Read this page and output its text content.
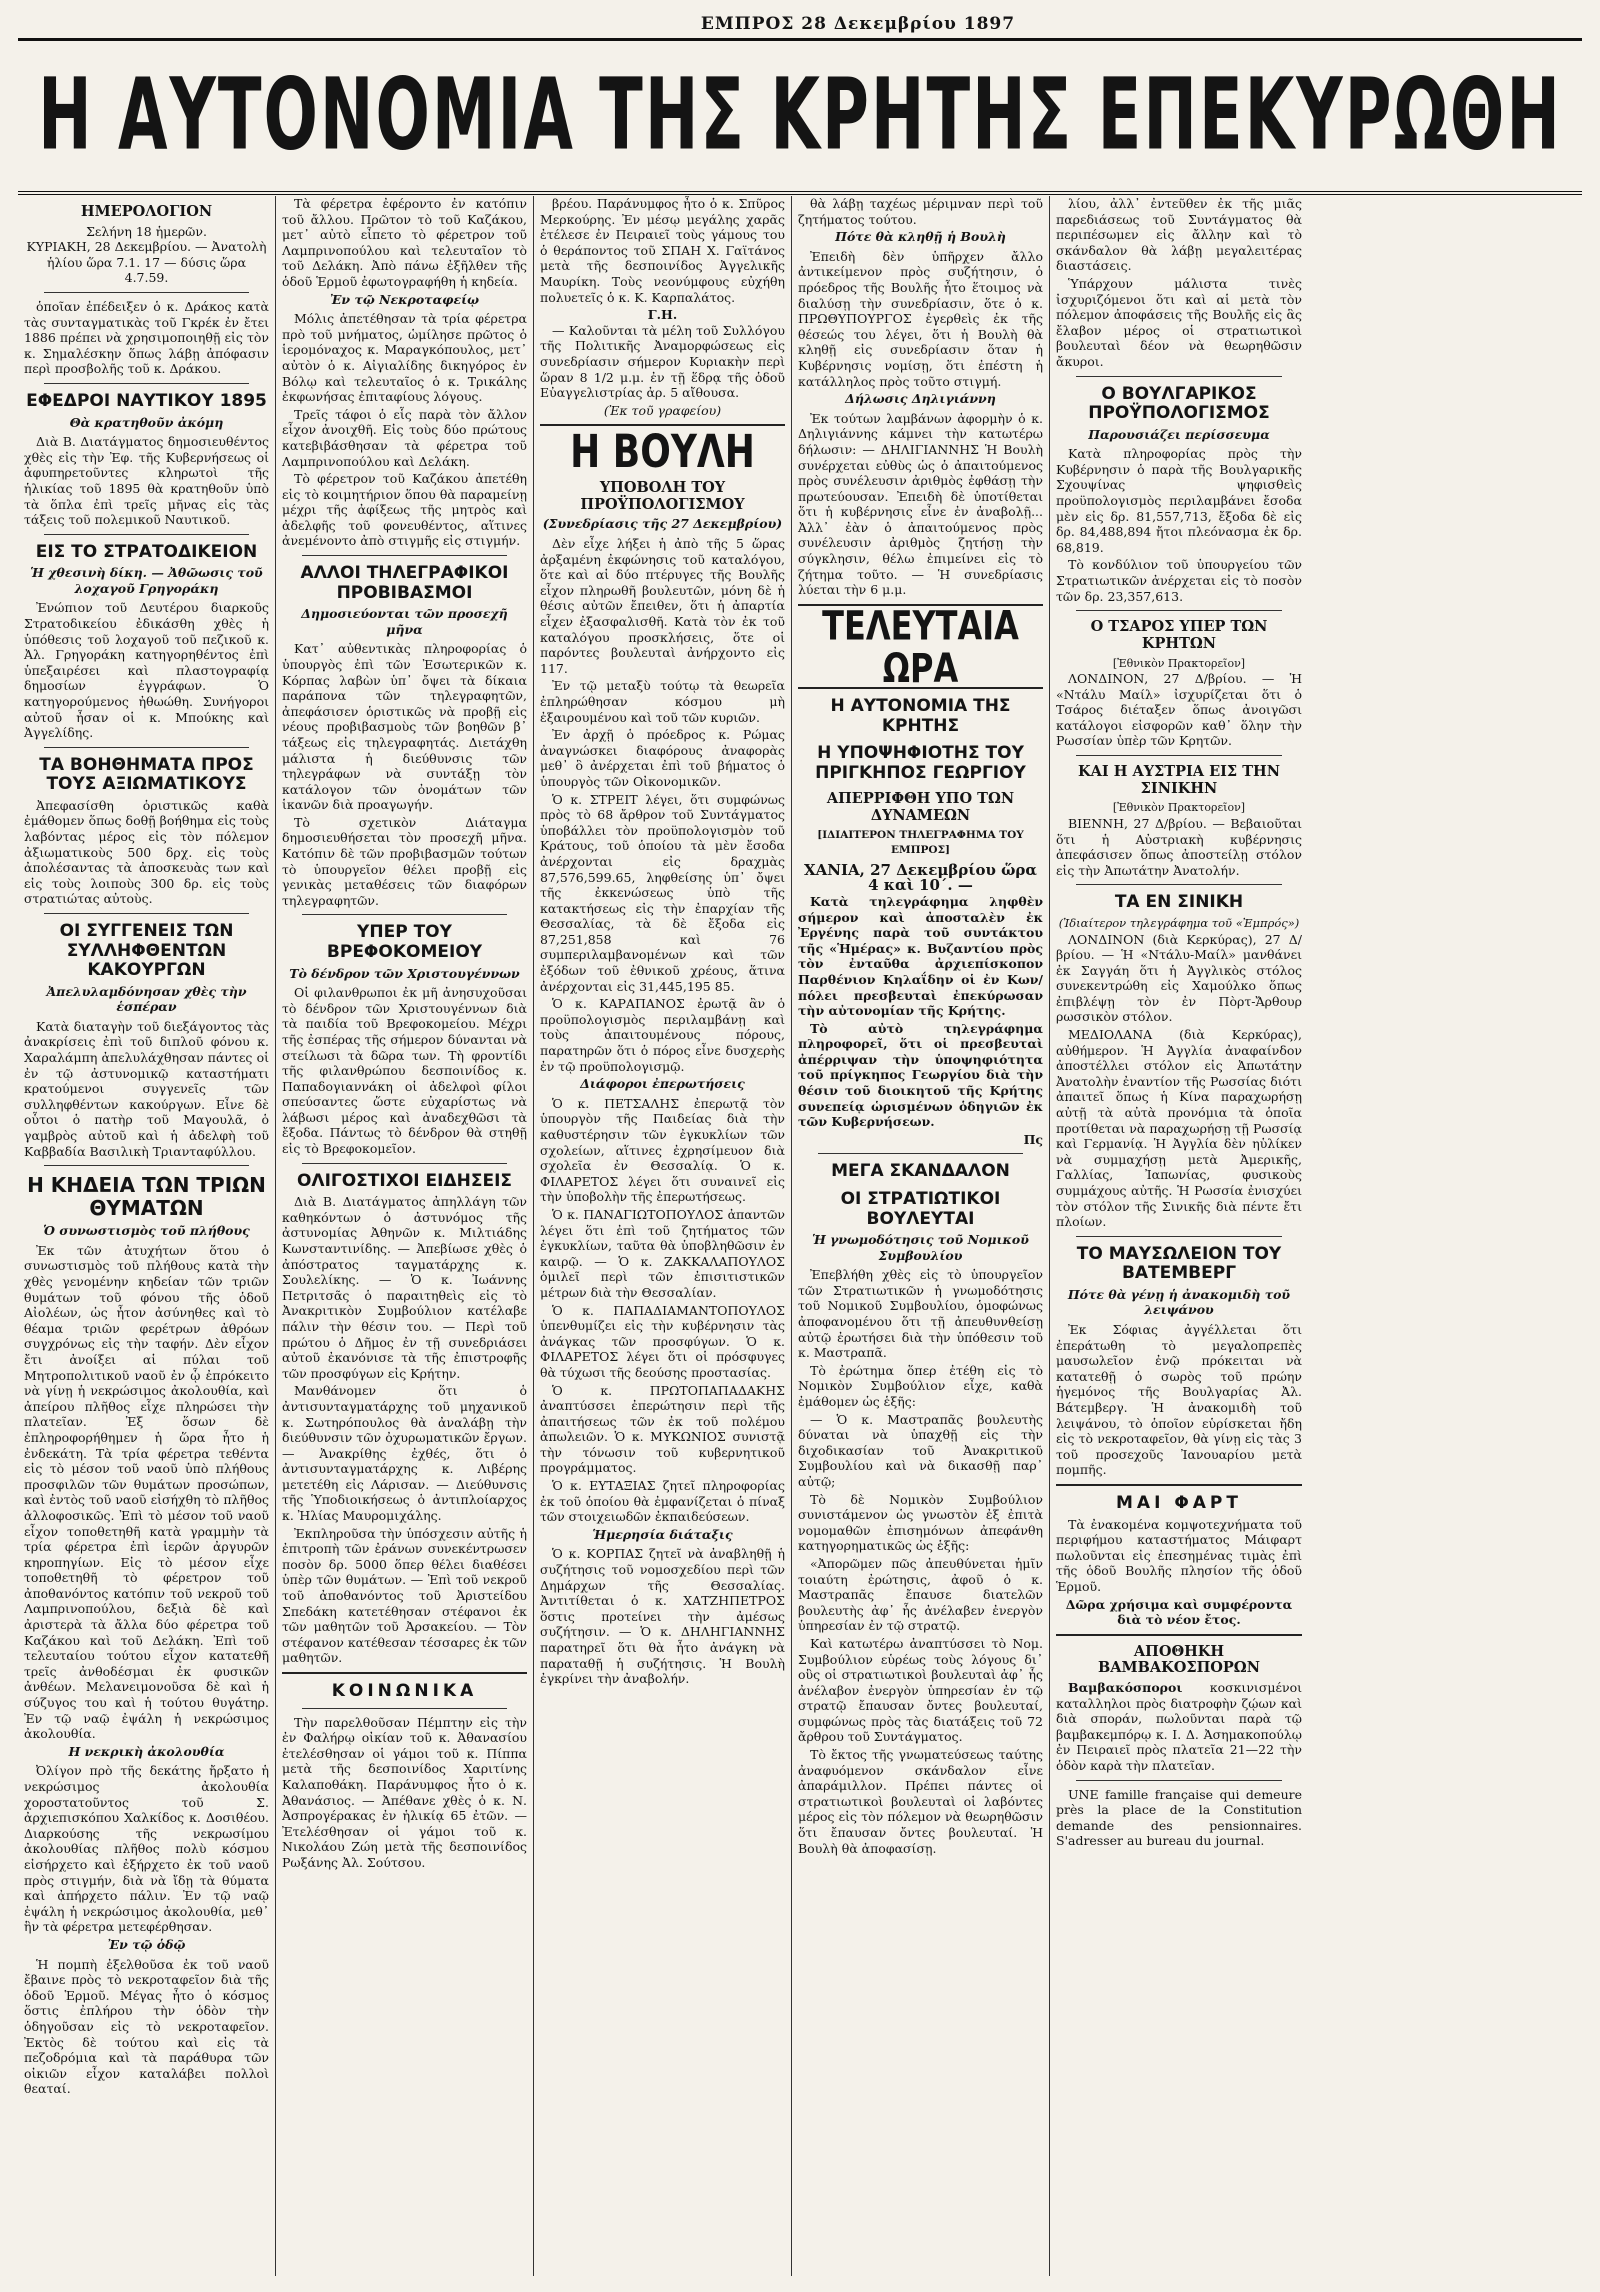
ΕΜΠΡΟΣ 28 Δεκεμβρίου 1897
Η ΑΥΤΟΝΟΜΙΑ ΤΗΣ ΚΡΗΤΗΣ ΕΠΕΚΥΡΩΘΗ
ΗΜΕΡΟΛΟΓΙΟΝ
Σελήνη 18 ἡμερῶν.
ΚΥΡΙΑΚΗ, 28 Δεκεμβρίου. — Ἀνατολὴ ἡλίου ὥρα 7.1. 17 — δύσις ὥρα 4.7.59.

ὁποῖαν ἐπέδειξεν ὁ κ. Δράκος κατὰ τὰς συνταγματικὰς τοῦ Γκρέκ ἐν ἔτει 1886 πρέπει νὰ χρησιμοποιηθῇ εἰς τὸν κ. Σημαλέσκην ὅπως λάβῃ ἀπόφασιν περὶ προσβολῆς τοῦ κ. Δράκου.

ΕΦΕΔΡΟΙ ΝΑΥΤΙΚΟΥ 1895
Θὰ κρατηθοῦν ἀκόμη

Διὰ Β. Διατάγματος δημοσιευθέντος χθὲς εἰς τὴν Ἐφ. τῆς Κυβερνήσεως οἱ ἀφυπηρετοῦντες κληρωτοὶ τῆς ἡλικίας τοῦ 1895 θὰ κρατηθοῦν ὑπὸ τὰ ὅπλα ἐπὶ τρεῖς μῆνας εἰς τὰς τάξεις τοῦ πολεμικοῦ Ναυτικοῦ.

ΕΙΣ ΤΟ ΣΤΡΑΤΟΔΙΚΕΙΟΝ
Ἡ χθεσινὴ δίκη. — Ἀθῶωσις τοῦ λοχαγοῦ Γρηγοράκη

Ἐνώπιον τοῦ Δευτέρου διαρκοῦς Στρατοδικείου ἐδικάσθη χθὲς ἡ ὑπόθεσις τοῦ λοχαγοῦ τοῦ πεζικοῦ κ. Ἀλ. Γρηγοράκη κατηγορηθέντος ἐπὶ ὑπεξαιρέσει καὶ πλαστογραφίᾳ δημοσίων ἐγγράφων. Ὁ κατηγορούμενος ἠθωώθη. Συνήγοροι αὐτοῦ ἦσαν οἱ κ. Μπούκης καὶ Ἀγγελίδης.

ΤΑ ΒΟΗΘΗΜΑΤΑ ΠΡΟΣ ΤΟΥΣ ΑΞΙΩΜΑΤΙΚΟΥΣ

Ἀπεφασίσθη ὁριστικῶς καθὰ ἐμάθομεν ὅπως δοθῇ βοήθημα εἰς τοὺς λαβόντας μέρος εἰς τὸν πόλεμον ἀξιωματικοὺς 500 δρχ. εἰς τοὺς ἀπολέσαντας τὰ ἀποσκευὰς των καὶ εἰς τοὺς λοιποὺς 300 δρ. εἰς τοὺς στρατιώτας αὐτοὺς.

ΟΙ ΣΥΓΓΕΝΕΙΣ ΤΩΝ ΣΥΛΛΗΦΘΕΝΤΩΝ ΚΑΚΟΥΡΓΩΝ
Ἀπελυλαμδόνησαν χθὲς τὴν ἑσπέραν

Κατὰ διαταγὴν τοῦ διεξάγοντος τὰς ἀνακρίσεις ἐπὶ τοῦ διπλοῦ φόνου κ. Χαραλάμπη ἀπελυλάχθησαν πάντες οἱ ἐν τῷ ἀστυνομικῷ καταστήματι κρατούμενοι συγγενεῖς τῶν συλληφθέντων κακούργων. Εἶνε δὲ οὗτοι ὁ πατὴρ τοῦ Μαγουλᾶ, ὁ γαμβρὸς αὐτοῦ καὶ ἡ ἀδελφὴ τοῦ Καββαδία Βασιλικὴ Τριανταφύλλου.

Η ΚΗΔΕΙΑ ΤΩΝ ΤΡΙΩΝ ΘΥΜΑΤΩΝ
Ὁ συνωστισμὸς τοῦ πλήθους

Ἐκ τῶν ἀτυχήτων ὅτου ὁ συνωστισμὸς τοῦ πλήθους κατὰ τὴν χθὲς γενομένην κηδείαν τῶν τριῶν θυμάτων τοῦ φόνου τῆς ὁδοῦ Αἰολέων, ὡς ἦτον ἀσύνηθες καὶ τὸ θέαμα τριῶν φερέτρων ἀθρόων συγχρόνως εἰς τὴν ταφήν. Δὲν εἶχον ἔτι ἀνοίξει αἱ πύλαι τοῦ Μητροπολιτικοῦ ναοῦ ἐν ᾧ ἐπρόκειτο νὰ γίνῃ ἡ νεκρώσιμος ἀκολουθία, καὶ ἀπείρου πλῆθος εἶχε πληρώσει τὴν πλατεῖαν. Ἐξ ὅσων δὲ ἐπληροφορήθημεν ἡ ὥρα ἦτο ἡ ἐνδεκάτη. Τὰ τρία φέρετρα τεθέντα εἰς τὸ μέσον τοῦ ναοῦ ὑπὸ πλήθους προσφιλῶν τῶν θυμάτων προσώπων, καὶ ἐντὸς τοῦ ναοῦ εἰσήχθη τὸ πλῆθος ἀλλοφοσικῶς. Ἐπὶ τὸ μέσον τοῦ ναοῦ εἶχον τοποθετηθῆ κατὰ γραμμὴν τὰ τρία φέρετρα ἐπὶ ἱερῶν ἀργυρῶν κηροπηγίων. Εἰς τὸ μέσον εἶχε τοποθετηθῆ τὸ φέρετρον τοῦ ἀποθανόντος κατόπιν τοῦ νεκροῦ τοῦ Λαμπρινοπούλου, δεξιὰ δὲ καὶ ἀριστερὰ τὰ ἄλλα δύο φέρετρα τοῦ Καζάκου καὶ τοῦ Δελάκη. Ἐπὶ τοῦ τελευταίου τούτου εἶχον κατατεθῆ τρεῖς ἀνθοδέσμαι ἐκ φυσικῶν ἀνθέων. Μελανειμονοῦσα δὲ καὶ ἡ σύζυγος του καὶ ἡ τούτου θυγάτηρ. Ἐν τῷ ναῷ ἐψάλη ἡ νεκρώσιμος ἀκολουθία.

Η νεκρικὴ ἀκολουθία

Ὀλίγον πρὸ τῆς δεκάτης ἤρξατο ἡ νεκρώσιμος ἀκολουθία χοροστατοῦντος τοῦ Σ. ἀρχιεπισκόπου Χαλκίδος κ. Δοσιθέου. Διαρκούσης τῆς νεκρωσίμου ἀκολουθίας πλῆθος πολὺ κόσμου εἰσήρχετο καὶ ἐξήρχετο ἐκ τοῦ ναοῦ πρὸς στιγμήν, διὰ νὰ ἴδῃ τὰ θύματα καὶ ἀπήρχετο πάλιν. Ἐν τῷ ναῷ ἐψάλη ἡ νεκρώσιμος ἀκολουθία, μεθ᾽ ἣν τὰ φέρετρα μετεφέρθησαν.

Ἐν τῷ ὁδῷ

Ἡ πομπὴ ἐξελθοῦσα ἐκ τοῦ ναοῦ ἔβαινε πρὸς τὸ νεκροταφεῖον διὰ τῆς ὁδοῦ Ἑρμοῦ. Μέγας ἦτο ὁ κόσμος ὅστις ἐπλήρου τὴν ὁδὸν τὴν ὁδηγοῦσαν εἰς τὸ νεκροταφεῖον. Ἐκτὸς δὲ τούτου καὶ εἰς τὰ πεζοδρόμια καὶ τὰ παράθυρα τῶν οἰκιῶν εἶχον καταλάβει πολλοὶ θεαταί.

Τὰ φέρετρα ἐφέροντο ἐν κατόπιν τοῦ ἄλλου. Πρῶτον τὸ τοῦ Καζάκου, μετ᾽ αὐτὸ εἶπετο τὸ φέρετρον τοῦ Λαμπρινοπούλου καὶ τελευταῖον τὸ τοῦ Δελάκη. Ἀπὸ πάνω ἐξῆλθεν τῆς ὁδοῦ Ἑρμοῦ ἐφωτογραφήθη ἡ κηδεία.

Ἐν τῷ Νεκροταφείῳ

Μόλις ἀπετέθησαν τὰ τρία φέρετρα πρὸ τοῦ μνήματος, ὡμίλησε πρῶτος ὁ ἱερομόναχος κ. Μαραγκόπουλος, μετ᾽ αὐτὸν ὁ κ. Αἰγιαλίδης δικηγόρος ἐν Βόλῳ καὶ τελευταῖος ὁ κ. Τρικάλης ἐκφωνήσας ἐπιταφίους λόγους.

Τρεῖς τάφοι ὁ εἷς παρὰ τὸν ἄλλον εἶχον ἀνοιχθῆ. Εἰς τοὺς δύο πρώτους κατεβιβάσθησαν τὰ φέρετρα τοῦ Λαμπρινοπούλου καὶ Δελάκη.

Τὸ φέρετρον τοῦ Καζάκου ἀπετέθη εἰς τὸ κοιμητήριον ὅπου θὰ παραμείνῃ μέχρι τῆς ἀφίξεως τῆς μητρὸς καὶ ἀδελφῆς τοῦ φονευθέντος, αἵτινες ἀνεμένοντο ἀπὸ στιγμῆς εἰς στιγμήν.

ΑΛΛΟΙ ΤΗΛΕΓΡΑΦΙΚΟΙ ΠΡΟΒΙΒΑΣΜΟΙ
Δημοσιεύονται τῶν προσεχῆ μῆνα

Κατ᾽ αὐθεντικὰς πληροφορίας ὁ ὑπουργὸς ἐπὶ τῶν Ἐσωτερικῶν κ. Κόρπας λαβὼν ὑπ᾽ ὄψει τὰ δίκαια παράπονα τῶν τηλεγραφητῶν, ἀπεφάσισεν ὁριστικῶς νὰ προβῇ εἰς νέους προβιβασμοὺς τῶν βοηθῶν β᾽ τάξεως εἰς τηλεγραφητάς. Διετάχθη μάλιστα ἡ διεύθυνσις τῶν τηλεγράφων νὰ συντάξῃ τὸν κατάλογον τῶν ὀνομάτων τῶν ἱκανῶν διὰ προαγωγήν.

Τὸ σχετικὸν Διάταγμα δημοσιευθήσεται τὸν προσεχῆ μῆνα. Κατόπιν δὲ τῶν προβιβασμῶν τούτων τὸ ὑπουργεῖον θέλει προβῇ εἰς γενικὰς μεταθέσεις τῶν διαφόρων τηλεγραφητῶν.

ΥΠΕΡ ΤΟΥ ΒΡΕΦΟΚΟΜΕΙΟΥ
Τὸ δένδρον τῶν Χριστουγέννων

Οἱ φιλανθρωποι ἐκ μῆ ἀνησυχοῦσαι τὸ δένδρον τῶν Χριστουγέννων διὰ τὰ παιδία τοῦ Βρεφοκομείου. Μέχρι τῆς ἐσπέρας τῆς σήμερον δύνανται νὰ στείλωσι τὰ δῶρα των. Τὴ φροντίδι τῆς φιλανθρώπου δεσποινίδος κ. Παπαδογιαννάκη οἱ ἀδελφοὶ φίλοι σπεύσαντες ὥστε εὐχαρίστως νὰ λάβωσι μέρος καὶ ἀναδεχθῶσι τὰ ἔξοδα. Πάντως τὸ δένδρον θὰ στηθῇ εἰς τὸ Βρεφοκομεῖον.

ΟΛΙΓΟΣΤΙΧΟΙ ΕΙΔΗΣΕΙΣ

Διὰ Β. Διατάγματος ἀπηλλάγη τῶν καθηκόντων ὁ ἀστυνόμος τῆς ἀστυνομίας Ἀθηνῶν κ. Μιλτιάδης Κωνσταντινίδης. — Ἀπεβίωσε χθὲς ὁ ἀπόστρατος ταγματάρχης κ. Σουλελίκης. — Ὁ κ. Ἰωάννης Πετριτσᾶς ὁ παραιτηθεὶς εἰς τὸ Ἀνακριτικὸν Συμβούλιον κατέλαβε πάλιν τὴν θέσιν του. — Περὶ τοῦ πρώτου ὁ Δῆμος ἐν τῇ συνεδριάσει αὐτοῦ ἐκανόνισε τὰ τῆς ἐπιστροφῆς τῶν προσφύγων εἰς Κρήτην.

Μανθάνομεν ὅτι ὁ ἀντισυνταγματάρχης τοῦ μηχανικοῦ κ. Σωτηρόπουλος θὰ ἀναλάβῃ τὴν διεύθυνσιν τῶν ὀχυρωματικῶν ἔργων. — Ἀνακρίθης ἐχθές, ὅτι ὁ ἀντισυνταγματάρχης κ. Λιβέρης μετετέθη εἰς Λάρισαν. — Διεύθυνσις τῆς Ὑποδιοικήσεως ὁ ἀντιπλοίαρχος κ. Ἠλίας Μαυρομιχάλης.

Ἐκπληροῦσα τὴν ὑπόσχεσιν αὐτῆς ἡ ἐπιτροπὴ τῶν ἐράνων συνεκέντρωσεν ποσὸν δρ. 5000 ὅπερ θέλει διαθέσει ὑπὲρ τῶν θυμάτων. — Ἐπὶ τοῦ νεκροῦ τοῦ ἀποθανόντος τοῦ Ἀριστείδου Σπεδάκη κατετέθησαν στέφανοι ἐκ τῶν μαθητῶν τοῦ Ἀρσακείου. — Τὸν στέφανον κατέθεσαν τέσσαρες ἐκ τῶν μαθητῶν.

ΚΟΙΝΩΝΙΚΑ

Τὴν παρελθοῦσαν Πέμπτην εἰς τὴν ἐν Φαλήρῳ οἰκίαν τοῦ κ. Ἀθανασίου ἐτελέσθησαν οἱ γάμοι τοῦ κ. Πίππα μετὰ τῆς δεσποινίδος Χαριτίνης Καλαποθάκη. Παράνυμφος ἦτο ὁ κ. Ἀθανάσιος. — Ἀπέθανε χθὲς ὁ κ. Ν. Ἀσπρογέρακας ἐν ἡλικίᾳ 65 ἐτῶν. — Ἐτελέσθησαν οἱ γάμοι τοῦ κ. Νικολάου Ζώη μετὰ τῆς δεσποινίδος Ρωξάνης Ἀλ. Σούτσου.

βρέου. Παράνυμφος ἦτο ὁ κ. Σπῦρος Μερκούρης. Ἐν μέσῳ μεγάλης χαρᾶς ἐτέλεσε ἐν Πειραιεῖ τοὺς γάμους του ὁ θεράποντος τοῦ ΣΠΑΗ Χ. Γαϊτάνος μετὰ τῆς δεσποινίδος Ἀγγελικῆς Μαυρίκη. Τοὺς νεονύμφους εὐχήθη πολυετεῖς ὁ κ. Κ. Καρπαλάτος.

Γ.Η.

— Καλοῦνται τὰ μέλη τοῦ Συλλόγου τῆς Πολιτικῆς Ἀναμορφώσεως εἰς συνεδρίασιν σήμερον Κυριακὴν περὶ ὥραν 8 1/2 μ.μ. ἐν τῇ ἕδρᾳ τῆς ὁδοῦ Εὐαγγελιστρίας ἀρ. 5 αἴθουσα.

(Ἐκ τοῦ γραφείου)
Η ΒΟΥΛΗ
ΥΠΟΒΟΛΗ ΤΟΥ ΠΡΟΫΠΟΛΟΓΙΣΜΟΥ
(Συνεδρίασις τῆς 27 Δεκεμβρίου)

Δὲν εἶχε λήξει ἡ ἀπὸ τῆς 5 ὥρας ἀρξαμένη ἐκφώνησις τοῦ καταλόγου, ὅτε καὶ αἱ δύο πτέρυγες τῆς Βουλῆς εἶχον πληρωθῆ βουλευτῶν, μόνη δὲ ἡ θέσις αὐτῶν ἔπειθεν, ὅτι ἡ ἀπαρτία εἶχεν ἐξασφαλισθῆ. Κατὰ τὸν ἐκ τοῦ καταλόγου προσκλήσεις, ὅτε οἱ παρόντες βουλευταὶ ἀνήρχοντο εἰς 117.

Ἐν τῷ μεταξὺ τούτῳ τὰ θεωρεῖα ἐπληρώθησαν κόσμου μὴ ἐξαιρουμένου καὶ τοῦ τῶν κυριῶν.

Ἐν ἀρχῇ ὁ πρόεδρος κ. Ρώμας ἀναγνώσκει διαφόρους ἀναφορὰς μεθ᾽ ὃ ἀνέρχεται ἐπὶ τοῦ βήματος ὁ ὑπουργὸς τῶν Οἰκονομικῶν.

Ὁ κ. ΣΤΡΕΙΤ λέγει, ὅτι συμφώνως πρὸς τὸ 68 ἄρθρον τοῦ Συντάγματος ὑποβάλλει τὸν προϋπολογισμὸν τοῦ Κράτους, τοῦ ὁποίου τὰ μὲν ἔσοδα ἀνέρχονται εἰς δραχμὰς 87,576,599.65, ληφθείσης ὑπ᾽ ὄψει τῆς ἐκκενώσεως ὑπὸ τῆς κατακτήσεως εἰς τὴν ἐπαρχίαν τῆς Θεσσαλίας, τὰ δὲ ἔξοδα εἰς 87,251,858 καὶ 76 συμπεριλαμβανομένων καὶ τῶν ἐξόδων τοῦ ἐθνικοῦ χρέους, ἅτινα ἀνέρχονται εἰς 31,445,195 85.

Ὁ κ. ΚΑΡΑΠΑΝΟΣ ἐρωτᾷ ἂν ὁ προϋπολογισμὸς περιλαμβάνῃ καὶ τοὺς ἀπαιτουμένους πόρους, παρατηρῶν ὅτι ὁ πόρος εἶνε δυσχερὴς ἐν τῷ προϋπολογισμῷ.

Διάφοροι ἐπερωτήσεις

Ὁ κ. ΠΕΤΣΑΛΗΣ ἐπερωτᾷ τὸν ὑπουργὸν τῆς Παιδείας διὰ τὴν καθυστέρησιν τῶν ἐγκυκλίων τῶν σχολείων, αἵτινες ἐχρησίμευον διὰ σχολεῖα ἐν Θεσσαλίᾳ. Ὁ κ. ΦΙΛΑΡΕΤΟΣ λέγει ὅτι συναινεῖ εἰς τὴν ὑποβολὴν τῆς ἐπερωτήσεως.

Ὁ κ. ΠΑΝΑΓΙΩΤΟΠΟΥΛΟΣ ἀπαντῶν λέγει ὅτι ἐπὶ τοῦ ζητήματος τῶν ἐγκυκλίων, ταῦτα θὰ ὑποβληθῶσιν ἐν καιρῷ. — Ὁ κ. ΖΑΚΚΑΛΑΠΟΥΛΟΣ ὁμιλεῖ περὶ τῶν ἐπισιτιστικῶν μέτρων διὰ τὴν Θεσσαλίαν.

Ὁ κ. ΠΑΠΑΔΙΑΜΑΝΤΟΠΟΥΛΟΣ ὑπενθυμίζει εἰς τὴν κυβέρνησιν τὰς ἀνάγκας τῶν προσφύγων. Ὁ κ. ΦΙΛΑΡΕΤΟΣ λέγει ὅτι οἱ πρόσφυγες θὰ τύχωσι τῆς δεούσης προστασίας.

Ὁ κ. ΠΡΩΤΟΠΑΠΑΔΑΚΗΣ ἀναπτύσσει ἐπερώτησιν περὶ τῆς ἀπαιτήσεως τῶν ἐκ τοῦ πολέμου ἀπωλειῶν. Ὁ κ. ΜΥΚΩΝΙΟΣ συνιστᾷ τὴν τόνωσιν τοῦ κυβερνητικοῦ προγράμματος.

Ὁ κ. ΕΥΤΑΞΙΑΣ ζητεῖ πληροφορίας ἐκ τοῦ ὁποίου θὰ ἐμφανίζεται ὁ πίναξ τῶν στοιχειωδῶν ἐκπαιδεύσεων.

Ἡμερησία διάταξις

Ὁ κ. ΚΟΡΠΑΣ ζητεῖ νὰ ἀναβληθῇ ἡ συζήτησις τοῦ νομοσχεδίου περὶ τῶν Δημάρχων τῆς Θεσσαλίας. Ἀντιτίθεται ὁ κ. ΧΑΤΖΗΠΕΤΡΟΣ ὅστις προτείνει τὴν ἀμέσως συζήτησιν. — Ὁ κ. ΔΗΛΗΓΙΑΝΝΗΣ παρατηρεῖ ὅτι θὰ ἦτο ἀνάγκη νὰ παραταθῇ ἡ συζήτησις. Ἡ Βουλὴ ἐγκρίνει τὴν ἀναβολήν.

θὰ λάβῃ ταχέως μέριμναν περὶ τοῦ ζητήματος τούτου.

Πότε θὰ κληθῇ ἡ Βουλὴ

Ἐπειδὴ δὲν ὑπῆρχεν ἄλλο ἀντικείμενον πρὸς συζήτησιν, ὁ πρόεδρος τῆς Βουλῆς ἦτο ἕτοιμος νὰ διαλύσῃ τὴν συνεδρίασιν, ὅτε ὁ κ. ΠΡΩΘΥΠΟΥΡΓΟΣ ἐγερθεὶς ἐκ τῆς θέσεώς του λέγει, ὅτι ἡ Βουλὴ θὰ κληθῇ εἰς συνεδρίασιν ὅταν ἡ Κυβέρνησις νομίσῃ, ὅτι ἐπέστη ἡ κατάλληλος πρὸς τοῦτο στιγμή.

Δήλωσις Δηλιγιάννη

Ἐκ τούτων λαμβάνων ἀφορμὴν ὁ κ. Δηλιγιάννης κάμνει τὴν κατωτέρω δήλωσιν: — ΔΗΛΙΓΙΑΝΝΗΣ Ἡ Βουλὴ συνέρχεται εὐθὺς ὡς ὁ ἀπαιτούμενος πρὸς συνέλευσιν ἀριθμὸς ἐφθάσῃ τὴν πρωτεύουσαν. Ἐπειδὴ δὲ ὑποτίθεται ὅτι ἡ κυβέρνησις εἶνε ἐν ἀναβολῇ... Ἀλλ᾽ ἐὰν ὁ ἀπαιτούμενος πρὸς συνέλευσιν ἀριθμὸς ζητήσῃ τὴν σύγκλησιν, θέλω ἐπιμείνει εἰς τὸ ζήτημα τοῦτο. — Ἡ συνεδρίασις λύεται τὴν 6 μ.μ.

ΤΕΛΕΥΤΑΙΑ ΩΡΑ
Η ΑΥΤΟΝΟΜΙΑ ΤΗΣ ΚΡΗΤΗΣ
Η ΥΠΟΨΗΦΙΟΤΗΣ ΤΟΥ ΠΡΙΓΚΗΠΟΣ ΓΕΩΡΓΙΟΥ
ΑΠΕΡΡΙΦΘΗ ΥΠΟ ΤΩΝ ΔΥΝΑΜΕΩΝ
[ΙΔΙΑΙΤΕΡΟΝ ΤΗΛΕΓΡΑΦΗΜΑ ΤΟΥ ΕΜΠΡΟΣ]
ΧΑΝΙΑ, 27 Δεκεμβρίου ὥρα 4 καὶ 10΄. —

Κατὰ τηλεγράφημα ληφθὲν σήμερον καὶ ἀποσταλὲν ἐκ Ἐργένης παρὰ τοῦ συντάκτου τῆς «Ἡμέρας» κ. Βυζαντίου πρὸς τὸν ἐνταῦθα ἀρχιεπίσκοπον Παρθένιον Κηλαΐδην οἱ ἐν Κων/πόλει πρεσβευταὶ ἐπεκύρωσαν τὴν αὐτονομίαν τῆς Κρήτης.

Τὸ αὐτὸ τηλεγράφημα πληροφορεῖ, ὅτι οἱ πρεσβευταὶ ἀπέρριψαν τὴν ὑποψηφιότητα τοῦ πρίγκηπος Γεωργίου διὰ τὴν θέσιν τοῦ διοικητοῦ τῆς Κρήτης συνεπείᾳ ὡρισμένων ὁδηγιῶν ἐκ τῶν Κυβερνήσεων.

Πς
ΜΕΓΑ ΣΚΑΝΔΑΛΟΝ
ΟΙ ΣΤΡΑΤΙΩΤΙΚΟΙ ΒΟΥΛΕΥΤΑΙ
Ἡ γνωμοδότησις τοῦ Νομικοῦ Συμβουλίου

Ἐπεβλήθη χθὲς εἰς τὸ ὑπουργεῖον τῶν Στρατιωτικῶν ἡ γνωμοδότησις τοῦ Νομικοῦ Συμβουλίου, ὁμοφώνως ἀποφανομένου ὅτι τῇ ἀπευθυνθείσῃ αὐτῷ ἐρωτήσει διὰ τὴν ὑπόθεσιν τοῦ κ. Μαστραπᾶ.

Τὸ ἐρώτημα ὅπερ ἐτέθη εἰς τὸ Νομικὸν Συμβούλιον εἶχε, καθὰ ἐμάθομεν ὡς ἑξῆς:

— Ὁ κ. Μαστραπᾶς βουλευτὴς δύναται νὰ ὑπαχθῇ εἰς τὴν διχοδικασίαν τοῦ Ἀνακριτικοῦ Συμβουλίου καὶ νὰ δικασθῇ παρ᾽ αὐτῷ;

Τὸ δὲ Νομικὸν Συμβούλιον συνιστάμενον ὡς γνωστὸν ἐξ ἐπιτὰ νομομαθῶν ἐπισημόνων ἀπεφάνθη κατηγορηματικῶς ὡς ἑξῆς:

«Ἀπορῶμεν πῶς ἀπευθύνεται ἡμῖν τοιαύτη ἐρώτησις, ἀφοῦ ὁ κ. Μαστραπᾶς ἔπαυσε διατελῶν βουλευτὴς ἀφ᾽ ἧς ἀνέλαβεν ἐνεργὸν ὑπηρεσίαν ἐν τῷ στρατῷ.

Καὶ κατωτέρω ἀναπτύσσει τὸ Νομ. Συμβούλιον εὑρέως τοὺς λόγους δι᾽ οὓς οἱ στρατιωτικοὶ βουλευταὶ ἀφ᾽ ἧς ἀνέλαβον ἐνεργὸν ὑπηρεσίαν ἐν τῷ στρατῷ ἔπαυσαν ὄντες βουλευταί, συμφώνως πρὸς τὰς διατάξεις τοῦ 72 ἄρθρου τοῦ Συντάγματος.

Τὸ ἔκτος τῆς γνωματεύσεως ταύτης ἀναφυόμενον σκάνδαλον εἶνε ἀπαράμιλλον. Πρέπει πάντες οἱ στρατιωτικοὶ βουλευταὶ οἱ λαβόντες μέρος εἰς τὸν πόλεμον νὰ θεωρηθῶσιν ὅτι ἔπαυσαν ὄντες βουλευταί. Ἡ Βουλὴ θὰ ἀποφασίσῃ.

λίου, ἀλλ᾽ ἐντεῦθεν ἐκ τῆς μιᾶς παρεδιάσεως τοῦ Συντάγματος θὰ περιπέσωμεν εἰς ἄλλην καὶ τὸ σκάνδαλον θὰ λάβῃ μεγαλειτέρας διαστάσεις.

Ὑπάρχουν μάλιστα τινὲς ἰσχυριζόμενοι ὅτι καὶ αἱ μετὰ τὸν πόλεμον ἀποφάσεις τῆς Βουλῆς εἰς ἃς ἔλαβον μέρος οἱ στρατιωτικοὶ βουλευταὶ δέον νὰ θεωρηθῶσιν ἄκυροι.

Ο ΒΟΥΛΓΑΡΙΚΟΣ ΠΡΟΫΠΟΛΟΓΙΣΜΟΣ
Παρουσιάζει περίσσευμα

Κατὰ πληροφορίας πρὸς τὴν Κυβέρνησιν ὁ παρὰ τῆς Βουλγαρικῆς Σχουψίνας ψηφισθεὶς προϋπολογισμὸς περιλαμβάνει ἔσοδα μὲν εἰς δρ. 81,557,713, ἔξοδα δὲ εἰς δρ. 84,488,894 ἤτοι πλεόνασμα ἐκ δρ. 68,819.

Τὸ κονδύλιον τοῦ ὑπουργείου τῶν Στρατιωτικῶν ἀνέρχεται εἰς τὸ ποσὸν τῶν δρ. 23,357,613.

Ο ΤΣΑΡΟΣ ΥΠΕΡ ΤΩΝ ΚΡΗΤΩΝ
[Ἐθνικὸν Πρακτορεῖον]

ΛΟΝΔΙΝΟΝ, 27 Δ/βρίου. — Ἡ «Ντάλυ Μαίλ» ἰσχυρίζεται ὅτι ὁ Τσάρος διέταξεν ὅπως ἀνοιγῶσι κατάλογοι εἰσφορῶν καθ᾽ ὅλην τὴν Ρωσσίαν ὑπὲρ τῶν Κρητῶν.

ΚΑΙ Η ΑΥΣΤΡΙΑ ΕΙΣ ΤΗΝ ΣΙΝΙΚΗΝ
[Ἐθνικὸν Πρακτορεῖον]

ΒΙΕΝΝΗ, 27 Δ/βρίου. — Βεβαιοῦται ὅτι ἡ Αὐστριακὴ κυβέρνησις ἀπεφάσισεν ὅπως ἀποστείλῃ στόλον εἰς τὴν Ἀπωτάτην Ἀνατολήν.

ΤΑ ΕΝ ΣΙΝΙΚΗ
(Ἰδιαίτερον τηλεγράφημα τοῦ «Ἐμπρός»)

ΛΟΝΔΙΝΟΝ (διὰ Κερκύρας), 27 Δ/βρίου. — Ἡ «Ντάλυ-Μαίλ» μανθάνει ἐκ Σαγγάη ὅτι ἡ Ἀγγλικὸς στόλος συνεκεντρώθη εἰς Χαμούλκο ὅπως ἐπιβλέψῃ τὸν ἐν Πὸρτ-Ἄρθουρ ρωσσικὸν στόλον.

ΜΕΔΙΟΛΑΝΑ (διὰ Κερκύρας), αὐθήμερον. Ἡ Ἀγγλία ἀναφαίνδον ἀποστέλλει στόλον εἰς Ἀπωτάτην Ἀνατολὴν ἐναντίον τῆς Ρωσσίας διότι ἀπαιτεῖ ὅπως ἡ Κίνα παραχωρήσῃ αὐτῇ τὰ αὐτὰ προνόμια τὰ ὁποῖα προτίθεται νὰ παραχωρήσῃ τῇ Ρωσσίᾳ καὶ Γερμανίᾳ. Ἡ Ἀγγλία δὲν ηὑλίκεν νὰ συμμαχήσῃ μετὰ Ἀμερικῆς, Γαλλίας, Ἰαπωνίας, φυσικοὺς συμμάχους αὐτῆς. Ἡ Ρωσσία ἐνισχύει τὸν στόλον τῆς Σινικῆς διὰ πέντε ἔτι πλοίων.

ΤΟ ΜΑΥΣΩΛΕΙΟΝ ΤΟΥ ΒΑΤΕΜΒΕΡΓ
Πότε θὰ γένῃ ἡ ἀνακομιδὴ τοῦ λειψάνου

Ἐκ Σόφιας ἀγγέλλεται ὅτι ἐπεράτωθη τὸ μεγαλοπρεπὲς μαυσωλεῖον ἐνῷ πρόκειται νὰ κατατεθῇ ὁ σωρὸς τοῦ πρώην ἡγεμόνος τῆς Βουλγαρίας Ἀλ. Βάτεμβεργ. Ἡ ἀνακομιδὴ τοῦ λειψάνου, τὸ ὁποῖον εὑρίσκεται ἤδη εἰς τὸ νεκροταφεῖον, θὰ γίνῃ εἰς τὰς 3 τοῦ προσεχοῦς Ἰανουαρίου μετὰ πομπῆς.

ΜΑΙ ΦΑΡΤ

Τὰ ἐνακομένα κομψοτεχνήματα τοῦ περιφήμου καταστήματος Μάιφαρτ πωλοῦνται εἰς ἐπεσημένας τιμὰς ἐπὶ τῆς ὁδοῦ Βουλῆς πλησίον τῆς ὁδοῦ Ἑρμοῦ.

Δῶρα χρήσιμα καὶ συμφέροντα διὰ τὸ νέον ἔτος.
ΑΠΟΘΗΚΗ ΒΑΜΒΑΚΟΣΠΟΡΩΝ

Βαμβακόσποροι κοσκινισμένοι καταλληλοι πρὸς διατροφὴν ζῴων καὶ διὰ σποράν, πωλοῦνται παρὰ τῷ βαμβακεμπόρῳ κ. Ι. Δ. Ἀσημακοπούλῳ ἐν Πειραιεῖ πρὸς πλατεῖα 21—22 τὴν ὁδὸν καρὰ τὴν πλατεῖαν.

UNE famille française qui demeure près la place de la Constitution demande des pensionnaires. S'adresser au bureau du journal.
